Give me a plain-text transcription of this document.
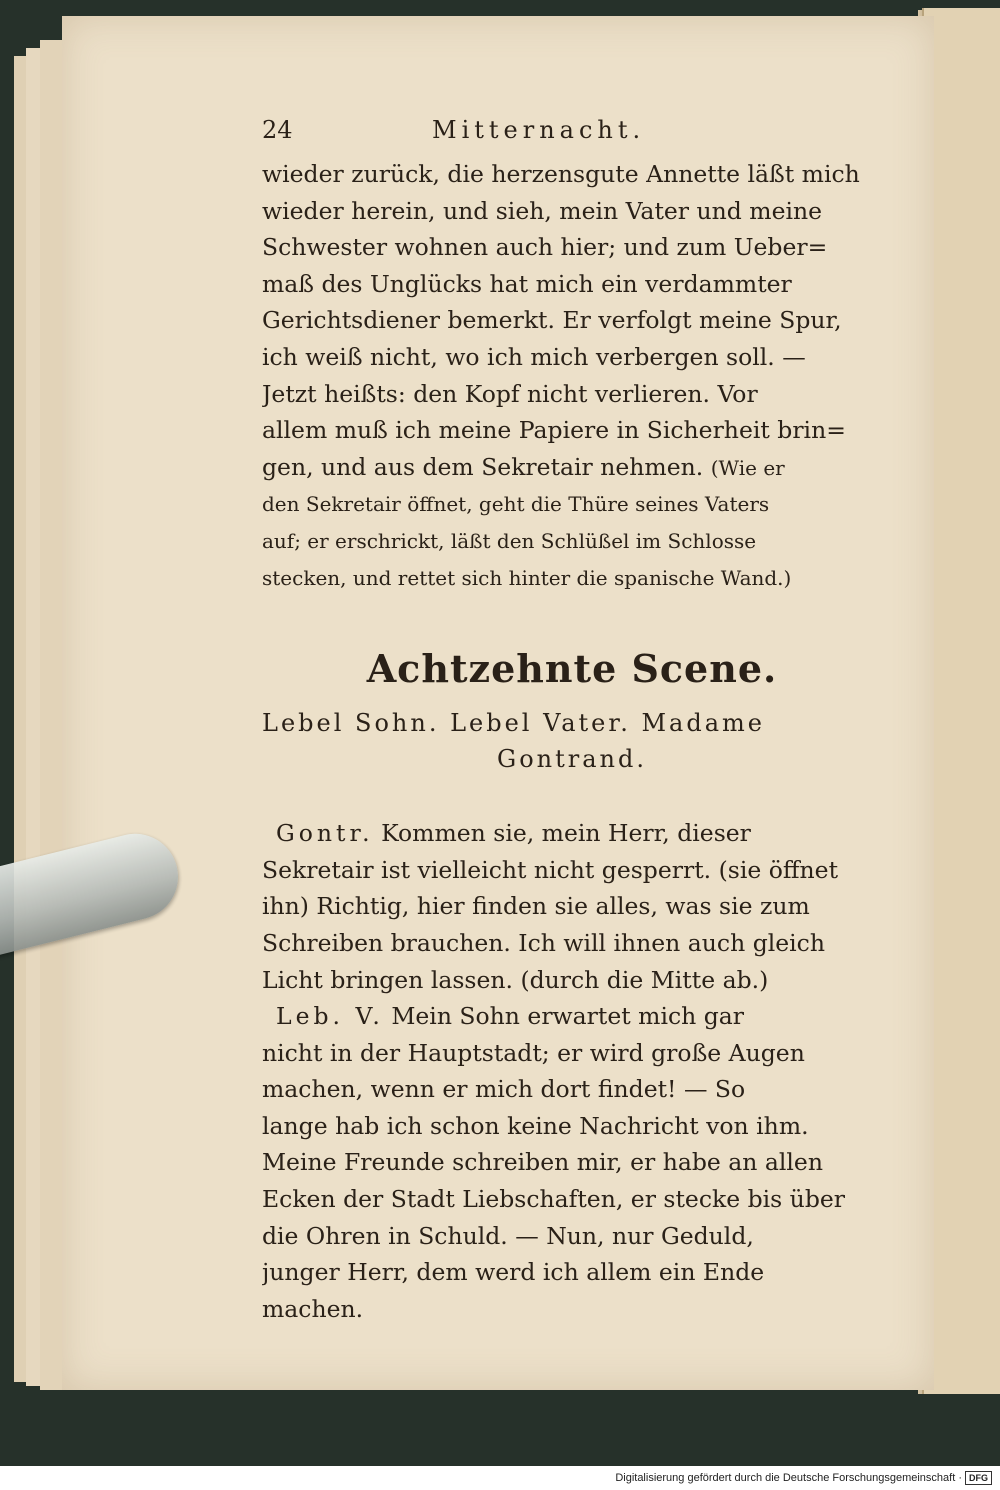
24	Mitternacht.

wieder zurück, die herzensgute Annette läßt mich
wieder herein, und sieh, mein Vater und meine
Schwester wohnen auch hier; und zum Ueber=
maß des Unglücks hat mich ein verdammter
Gerichtsdiener bemerkt. Er verfolgt meine Spur,
ich weiß nicht, wo ich mich verbergen soll. —
Jetzt heißts: den Kopf nicht verlieren. Vor
allem muß ich meine Papiere in Sicherheit brin=
gen, und aus dem Sekretair nehmen. (Wie er
den Sekretair öffnet, geht die Thüre seines Vaters
auf; er erschrickt, läßt den Schlüßel im Schlosse
stecken, und rettet sich hinter die spanische Wand.)

Achtzehnte Scene.
Lebel Sohn. Lebel Vater. Madame
Gontrand.

Gontr. Kommen sie, mein Herr, dieser
Sekretair ist vielleicht nicht gesperrt. (sie öffnet
ihn) Richtig, hier finden sie alles, was sie zum
Schreiben brauchen. Ich will ihnen auch gleich
Licht bringen lassen. (durch die Mitte ab.)

Leb. V. Mein Sohn erwartet mich gar
nicht in der Hauptstadt; er wird große Augen
machen, wenn er mich dort findet! — So
lange hab ich schon keine Nachricht von ihm.
Meine Freunde schreiben mir, er habe an allen
Ecken der Stadt Liebschaften, er stecke bis über
die Ohren in Schuld. — Nun, nur Geduld,
junger Herr, dem werd ich allem ein Ende
machen.

Digitalisierung gefördert durch die Deutsche Forschungsgemeinschaft · DFG
